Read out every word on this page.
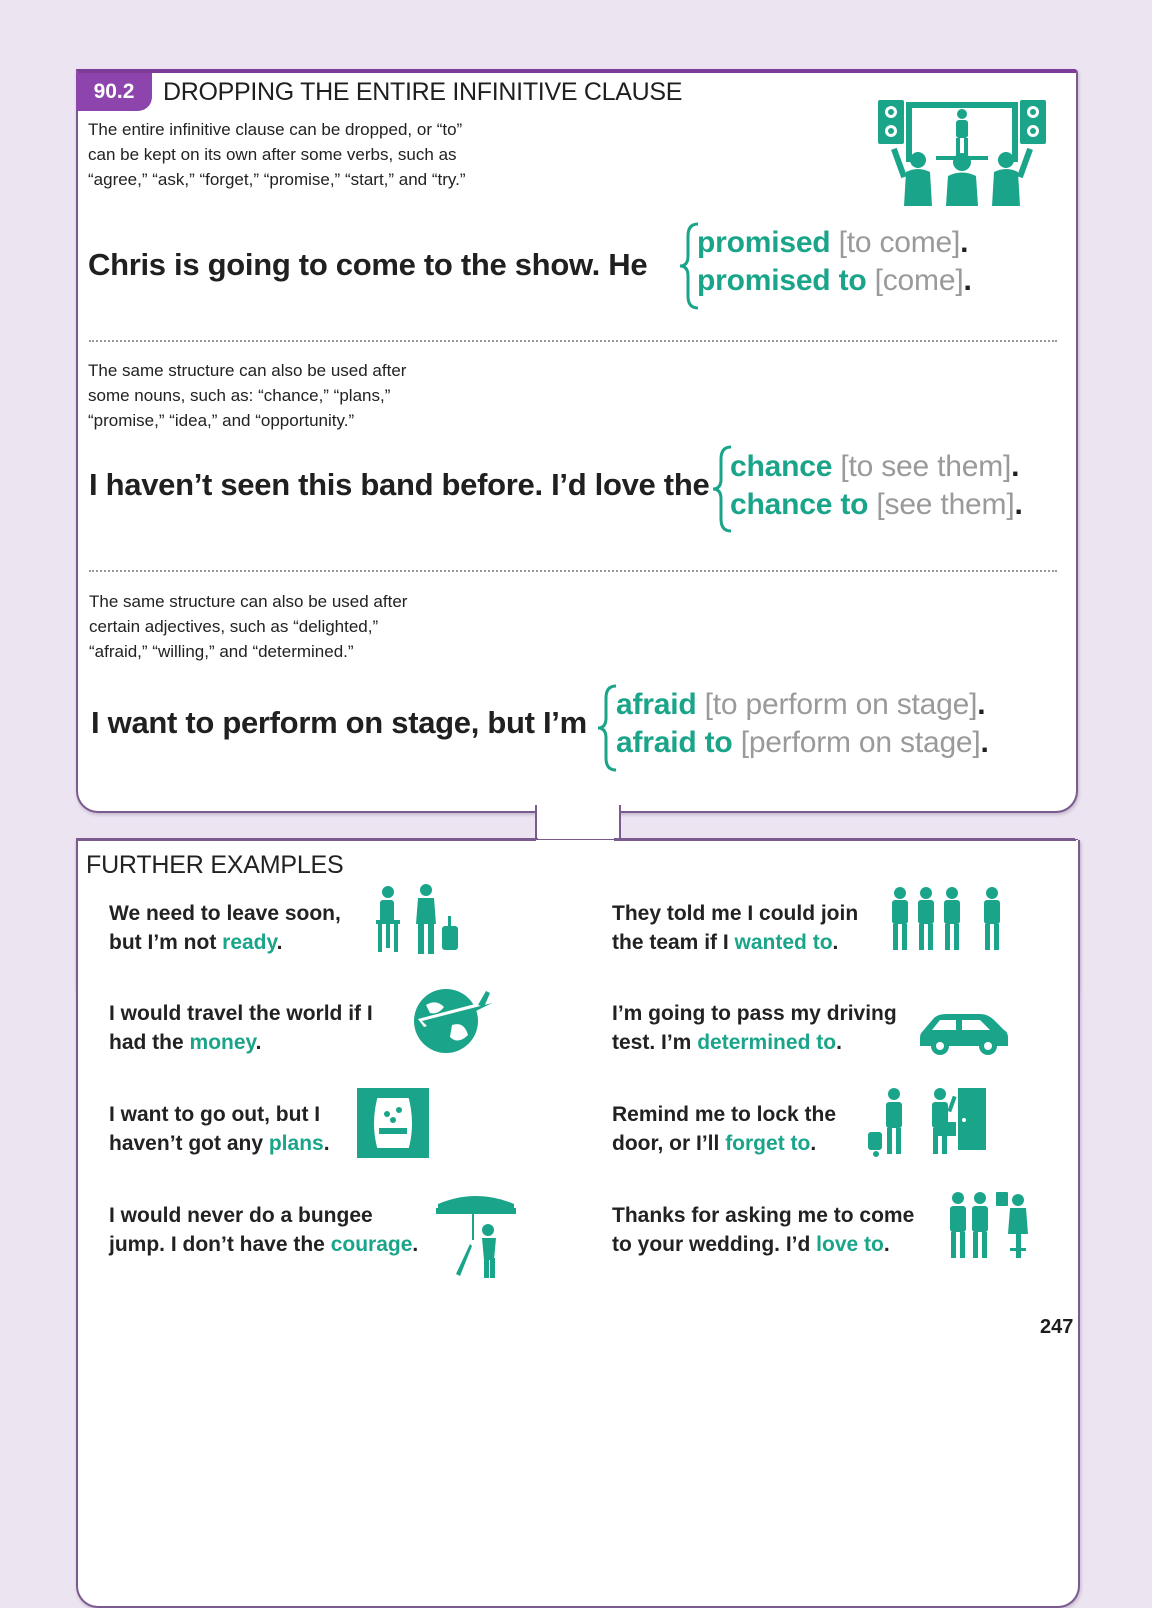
90.2 DROPPING THE ENTIRE INFINITIVE CLAUSE
The entire infinitive clause can be dropped, or “to”
can be kept on its own after some verbs, such as
“agree,” “ask,” “forget,” “promise,” “start,” and “try.”
Chris is going to come to the show. He
promised [to come].
promised to [come].
The same structure can also be used after
some nouns, such as: “chance,” “plans,”
“promise,” “idea,” and “opportunity.”
I haven’t seen this band before. I’d love the
chance [to see them].
chance to [see them].
The same structure can also be used after
certain adjectives, such as “delighted,”
“afraid,” “willing,” and “determined.”
I want to perform on stage, but I’m
afraid [to perform on stage].
afraid to [perform on stage].
FURTHER EXAMPLES
We need to leave soon,
but I’m not ready.
I would travel the world if I
had the money.
I want to go out, but I
haven’t got any plans.
I would never do a bungee
jump. I don’t have the courage.
They told me I could join
the team if I wanted to.
I’m going to pass my driving
test. I’m determined to.
Remind me to lock the
door, or I’ll forget to.
Thanks for asking me to come
to your wedding. I’d love to.
247
